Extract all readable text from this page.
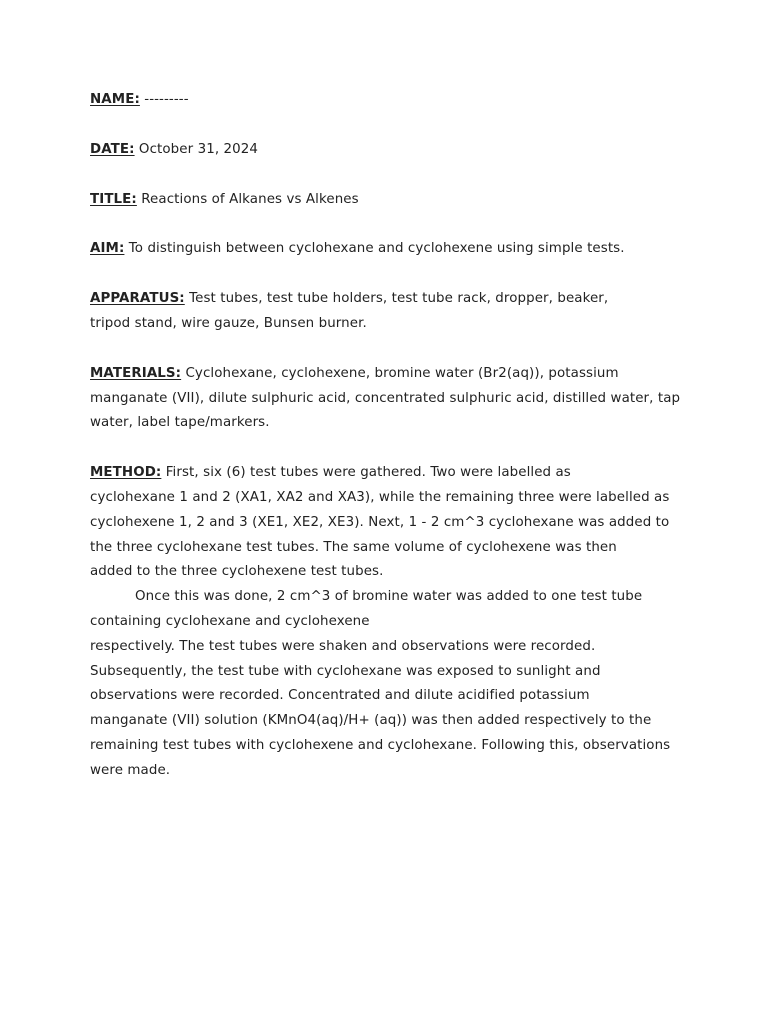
NAME: ---------
DATE: October 31, 2024
TITLE: Reactions of Alkanes vs Alkenes
AIM: To distinguish between cyclohexane and cyclohexene using simple tests.
APPARATUS: Test tubes, test tube holders, test tube rack, dropper, beaker,
tripod stand, wire gauze, Bunsen burner.
MATERIALS: Cyclohexane, cyclohexene, bromine water (Br2(aq)), potassium
manganate (VII), dilute sulphuric acid, concentrated sulphuric acid, distilled water, tap
water, label tape/markers.
METHOD: First, six (6) test tubes were gathered. Two were labelled as
cyclohexane 1 and 2 (XA1, XA2 and XA3), while the remaining three were labelled as
cyclohexene 1, 2 and 3 (XE1, XE2, XE3). Next, 1 - 2 cm^3 cyclohexane was added to
the three cyclohexane test tubes. The same volume of cyclohexene was then
added to the three cyclohexene test tubes.
Once this was done, 2 cm^3 of bromine water was added to one test tube
containing cyclohexane and cyclohexene
respectively. The test tubes were shaken and observations were recorded.
Subsequently, the test tube with cyclohexane was exposed to sunlight and
observations were recorded. Concentrated and dilute acidified potassium
manganate (VII) solution (KMnO4(aq)/H+ (aq)) was then added respectively to the
remaining test tubes with cyclohexene and cyclohexane. Following this, observations
were made.
